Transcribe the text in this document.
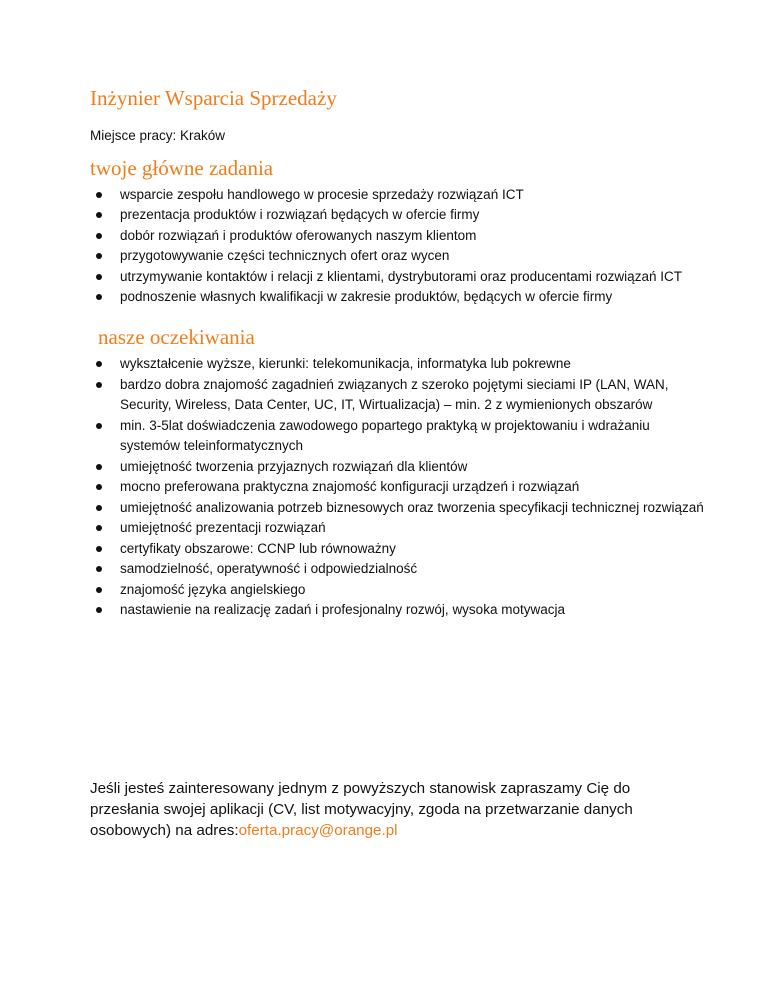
Inżynier Wsparcia Sprzedaży

Miejsce pracy: Kraków

twoje główne zadania
wsparcie zespołu handlowego w procesie sprzedaży rozwiązań ICT
prezentacja produktów i rozwiązań będących w ofercie firmy
dobór rozwiązań i produktów oferowanych naszym klientom
przygotowywanie części technicznych ofert oraz wycen
utrzymywanie kontaktów i relacji z klientami, dystrybutorami oraz producentami rozwiązań ICT
podnoszenie własnych kwalifikacji w zakresie produktów, będących w ofercie firmy
nasze oczekiwania
wykształcenie wyższe, kierunki: telekomunikacja, informatyka lub pokrewne
bardzo dobra znajomość zagadnień związanych z szeroko pojętymi sieciami IP (LAN, WAN, Security, Wireless, Data Center, UC, IT, Wirtualizacja) – min. 2 z wymienionych obszarów
min. 3-5lat doświadczenia zawodowego popartego praktyką w projektowaniu i wdrażaniu systemów teleinformatycznych
umiejętność tworzenia przyjaznych rozwiązań dla klientów
mocno preferowana praktyczna znajomość konfiguracji urządzeń i rozwiązań
umiejętność analizowania potrzeb biznesowych oraz tworzenia specyfikacji technicznej rozwiązań
umiejętność prezentacji rozwiązań
certyfikaty obszarowe: CCNP lub równoważny
samodzielność, operatywność i odpowiedzialność
znajomość języka angielskiego
nastawienie na realizację zadań i profesjonalny rozwój, wysoka motywacja

Jeśli jesteś zainteresowany jednym z powyższych stanowisk zapraszamy Cię do przesłania swojej aplikacji (CV, list motywacyjny, zgoda na przetwarzanie danych osobowych) na adres:oferta.pracy@orange.pl
